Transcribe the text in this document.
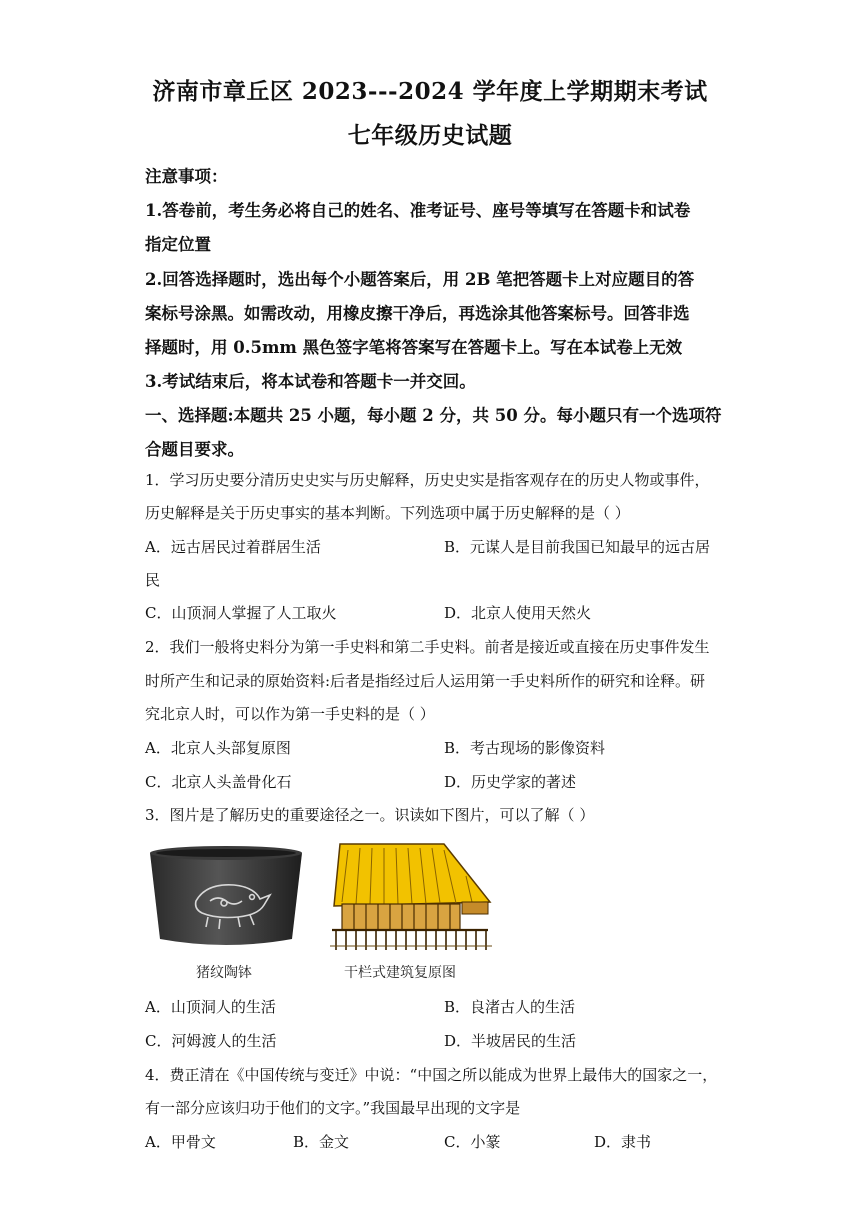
济南市章丘区 2023---2024 学年度上学期期末考试
七年级历史试题
注意事项：
1.答卷前，考生务必将自己的姓名、准考证号、座号等填写在答题卡和试卷
指定位置
2.回答选择题时，选出每个小题答案后，用 2B 笔把答题卡上对应题目的答
案标号涂黑。如需改动，用橡皮擦干净后，再选涂其他答案标号。回答非选
择题时，用 0.5mm 黑色签字笔将答案写在答题卡上。写在本试卷上无效
3.考试结束后，将本试卷和答题卡一并交回。
一、选择题:本题共 25 小题，每小题 2 分，共 50 分。每小题只有一个选项符
合题目要求。
1．学习历史要分清历史史实与历史解释，历史史实是指客观存在的历史人物或事件，
历史解释是关于历史事实的基本判断。下列选项中属于历史解释的是（ ）
A．远古居民过着群居生活	B．元谋人是目前我国已知最早的远古居
民
C．山顶洞人掌握了人工取火	D．北京人使用天然火
2．我们一般将史料分为第一手史料和第二手史料。前者是接近或直接在历史事件发生
时所产生和记录的原始资料:后者是指经过后人运用第一手史料所作的研究和诠释。研
究北京人时，可以作为第一手史料的是（ ）
A．北京人头部复原图	B．考古现场的影像资料
C．北京人头盖骨化石	D．历史学家的著述
3．图片是了解历史的重要途径之一。识读如下图片，可以了解（ ）
猪纹陶钵	干栏式建筑复原图
A．山顶洞人的生活	B．良渚古人的生活
C．河姆渡人的生活	D．半坡居民的生活
4．费正清在《中国传统与变迁》中说：“中国之所以能成为世界上最伟大的国家之一，
有一部分应该归功于他们的文字。”我国最早出现的文字是
A．甲骨文	B．金文	C．小篆	D．隶书
